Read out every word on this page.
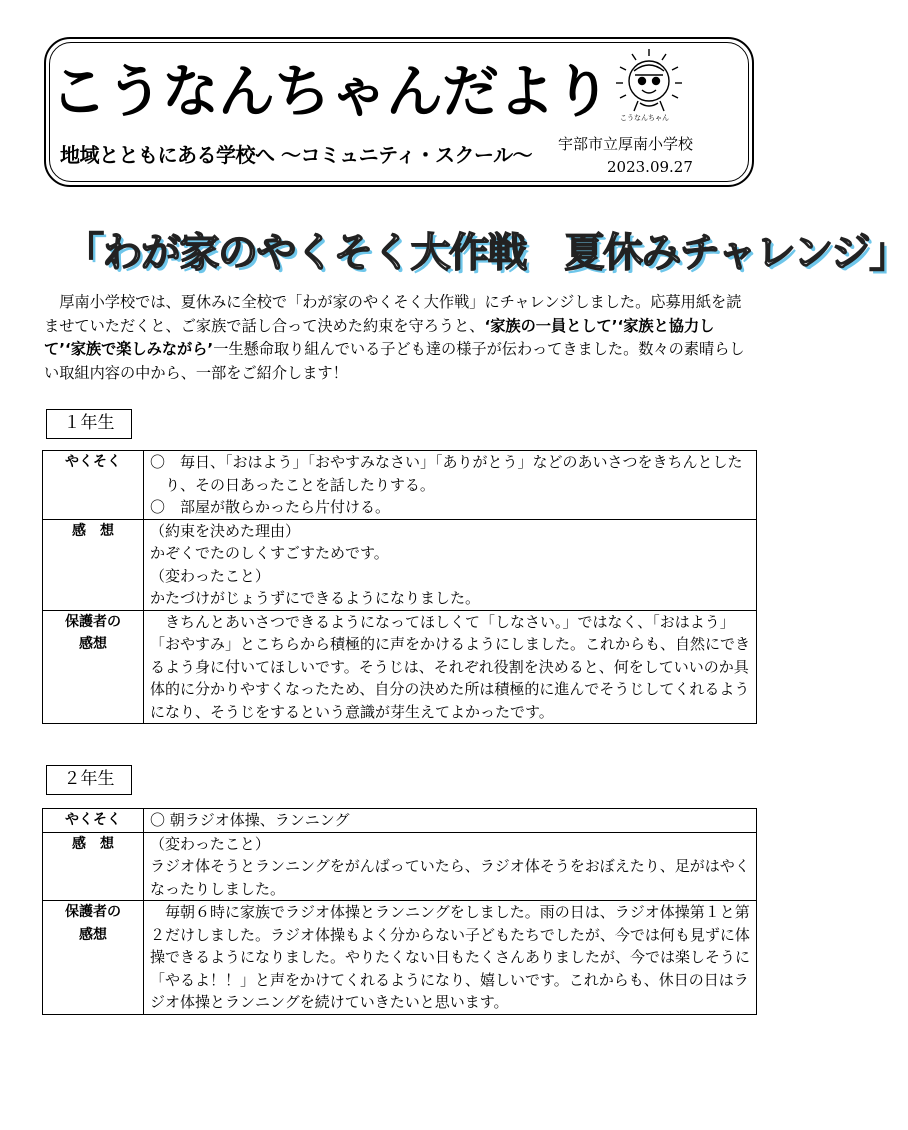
こうなんちゃんだより
地域とともにある学校へ ～コミュニティ・スクール～
こうなんちゃん
宇部市立厚南小学校
2023.09.27
「わが家のやくそく大作戦　夏休みチャレンジ」

厚南小学校では、夏休みに全校で「わが家のやくそく大作戦」にチャレンジしました。応募用紙を読ませていただくと、ご家族で話し合って決めた約束を守ろうと、‘家族の一員として’‘家族と協力して’‘家族で楽しみながら’一生懸命取り組んでいる子ども達の様子が伝わってきました。数々の素晴らしい取組内容の中から、一部をご紹介します！

１年生
やくそく	〇　毎日、「おはよう」「おやすみなさい」「ありがとう」などのあいさつをきちんとしたり、その日あったことを話したりする。
〇　部屋が散らかったら片付ける。

感　想	（約束を決めた理由）
かぞくでたのしくすごすためです。
（変わったこと）
かたづけがじょうずにできるようになりました。

保護者の
感想	きちんとあいさつできるようになってほしくて「しなさい。」ではなく、「おはよう」「おやすみ」とこちらから積極的に声をかけるようにしました。これからも、自然にできるよう身に付いてほしいです。そうじは、それぞれ役割を決めると、何をしていいのか具体的に分かりやすくなったため、自分の決めた所は積極的に進んでそうじしてくれるようになり、そうじをするという意識が芽生えてよかったです。
２年生
やくそく	〇 朝ラジオ体操、ランニング

感　想	（変わったこと）
ラジオ体そうとランニングをがんばっていたら、ラジオ体そうをおぼえたり、足がはやくなったりしました。

保護者の
感想	毎朝６時に家族でラジオ体操とランニングをしました。雨の日は、ラジオ体操第１と第２だけしました。ラジオ体操もよく分からない子どもたちでしたが、今では何も見ずに体操できるようになりました。やりたくない日もたくさんありましたが、今では楽しそうに「やるよ！！」と声をかけてくれるようになり、嬉しいです。これからも、休日の日はラジオ体操とランニングを続けていきたいと思います。
